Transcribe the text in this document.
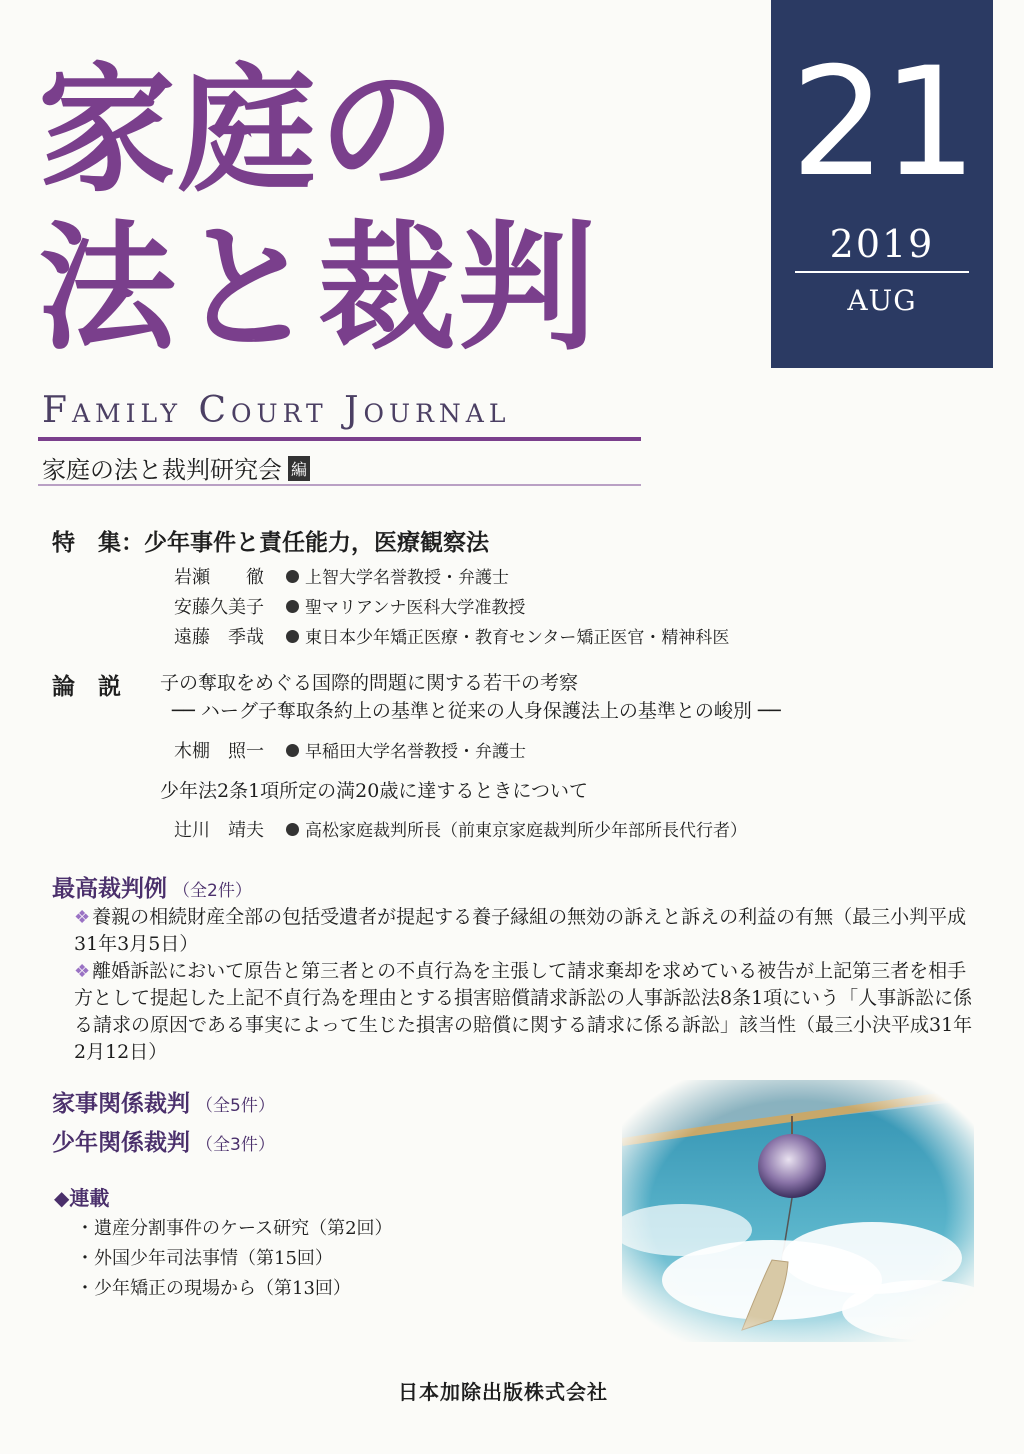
家庭の
法と裁判
21
2019
AUG
Family Court Journal
家庭の法と裁判研究会 編
特　集：少年事件と責任能力，医療観察法
岩瀬　　徹 上智大学名誉教授・弁護士
安藤久美子 聖マリアンナ医科大学准教授
遠藤　季哉 東日本少年矯正医療・教育センター矯正医官・精神科医
論　説 子の奪取をめぐる国際的問題に関する若干の考察
── ハーグ子奪取条約上の基準と従来の人身保護法上の基準との峻別 ──
木棚　照一 早稲田大学名誉教授・弁護士
少年法2条1項所定の満20歳に達するときについて
辻川　靖夫 高松家庭裁判所長（前東京家庭裁判所少年部所長代行者）
最高裁判例 （全2件）
❖ 養親の相続財産全部の包括受遺者が提起する養子縁組の無効の訴えと訴えの利益の有無（最三小判平成31年3月5日）
❖ 離婚訴訟において原告と第三者との不貞行為を主張して請求棄却を求めている被告が上記第三者を相手方として提起した上記不貞行為を理由とする損害賠償請求訴訟の人事訴訟法8条1項にいう「人事訴訟に係る請求の原因である事実によって生じた損害の賠償に関する請求に係る訴訟」該当性（最三小決平成31年2月12日）
家事関係裁判 （全5件）
少年関係裁判 （全3件）
◆連載
・遺産分割事件のケース研究（第2回）
・外国少年司法事情（第15回）
・少年矯正の現場から（第13回）
日本加除出版株式会社
